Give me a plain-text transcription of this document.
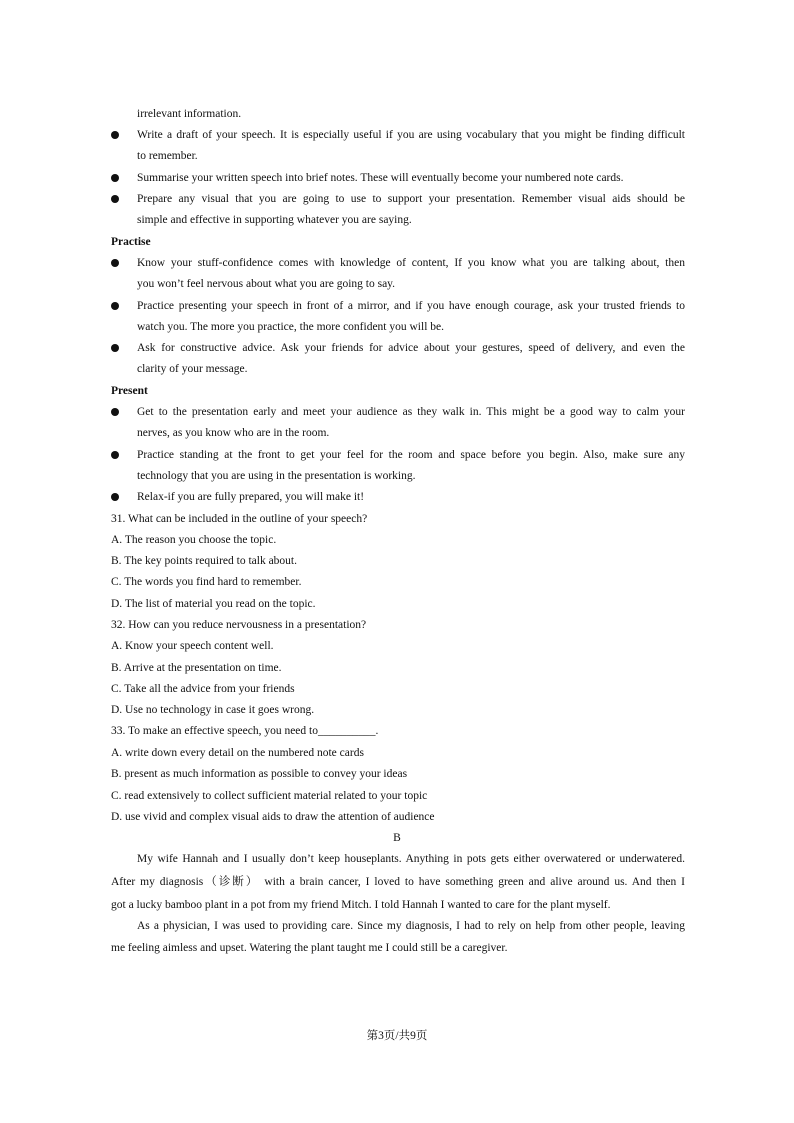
irrelevant information.
Write a draft of your speech. It is especially useful if you are using vocabulary that you might be finding difficult
to remember.
Summarise your written speech into brief notes. These will eventually become your numbered note cards.
Prepare any visual that you are going to use to support your presentation. Remember visual aids should be
simple and effective in supporting whatever you are saying.
Practise
Know your stuff-confidence comes with knowledge of content, If you know what you are talking about, then
you won’t feel nervous about what you are going to say.
Practice presenting your speech in front of a mirror, and if you have enough courage, ask your trusted friends to
watch you. The more you practice, the more confident you will be.
Ask for constructive advice. Ask your friends for advice about your gestures, speed of delivery, and even the
clarity of your message.
Present
Get to the presentation early and meet your audience as they walk in. This might be a good way to calm your
nerves, as you know who are in the room.
Practice standing at the front to get your feel for the room and space before you begin. Also, make sure any
technology that you are using in the presentation is working.
Relax-if you are fully prepared, you will make it!
31. What can be included in the outline of your speech?
A. The reason you choose the topic.
B. The key points required to talk about.
C. The words you find hard to remember.
D. The list of material you read on the topic.
32. How can you reduce nervousness in a presentation?
A. Know your speech content well.
B. Arrive at the presentation on time.
C. Take all the advice from your friends
D. Use no technology in case it goes wrong.
33. To make an effective speech, you need to__________.
A. write down every detail on the numbered note cards
B. present as much information as possible to convey your ideas
C. read extensively to collect sufficient material related to your topic
D. use vivid and complex visual aids to draw the attention of audience
B
My wife Hannah and I usually don’t keep houseplants. Anything in pots gets either overwatered or underwatered.
After my diagnosis（诊断） with a brain cancer, I loved to have something green and alive around us. And then I
got a lucky bamboo plant in a pot from my friend Mitch. I told Hannah I wanted to care for the plant myself.
As a physician, I was used to providing care. Since my diagnosis, I had to rely on help from other people, leaving
me feeling aimless and upset. Watering the plant taught me I could still be a caregiver.
第3页/共9页
